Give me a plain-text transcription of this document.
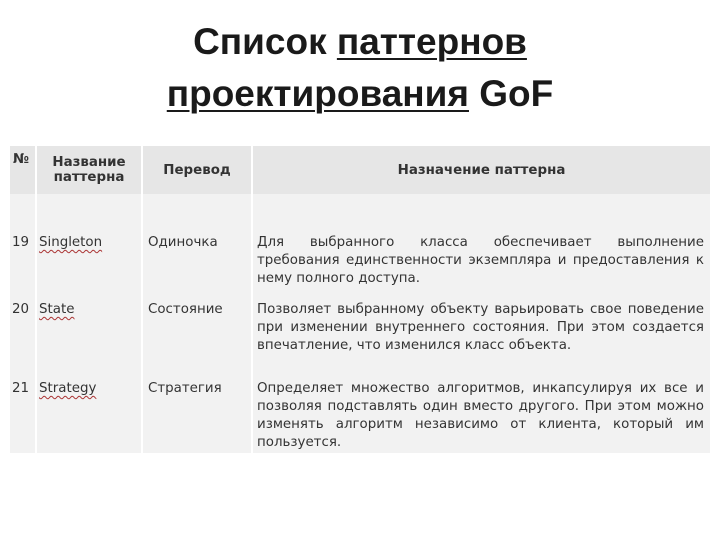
Список паттернов
проектирования GoF
№	Название паттерна	Перевод	Назначение паттерна

19	Singleton	Одиночка	Для выбранного класса обеспечивает выполнение требования единственности экземпляра и предоставления к нему полного доступа.
20	State	Состояние	Позволяет выбранному объекту варьировать свое поведение при изменении внутреннего состояния. При этом создается впечатление, что изменился класс объекта.
21	Strategy	Стратегия	Определяет множество алгоритмов, инкапсулируя их все и позволяя подставлять один вместо другого. При этом можно изменять алгоритм независимо от клиента, который им пользуется.
